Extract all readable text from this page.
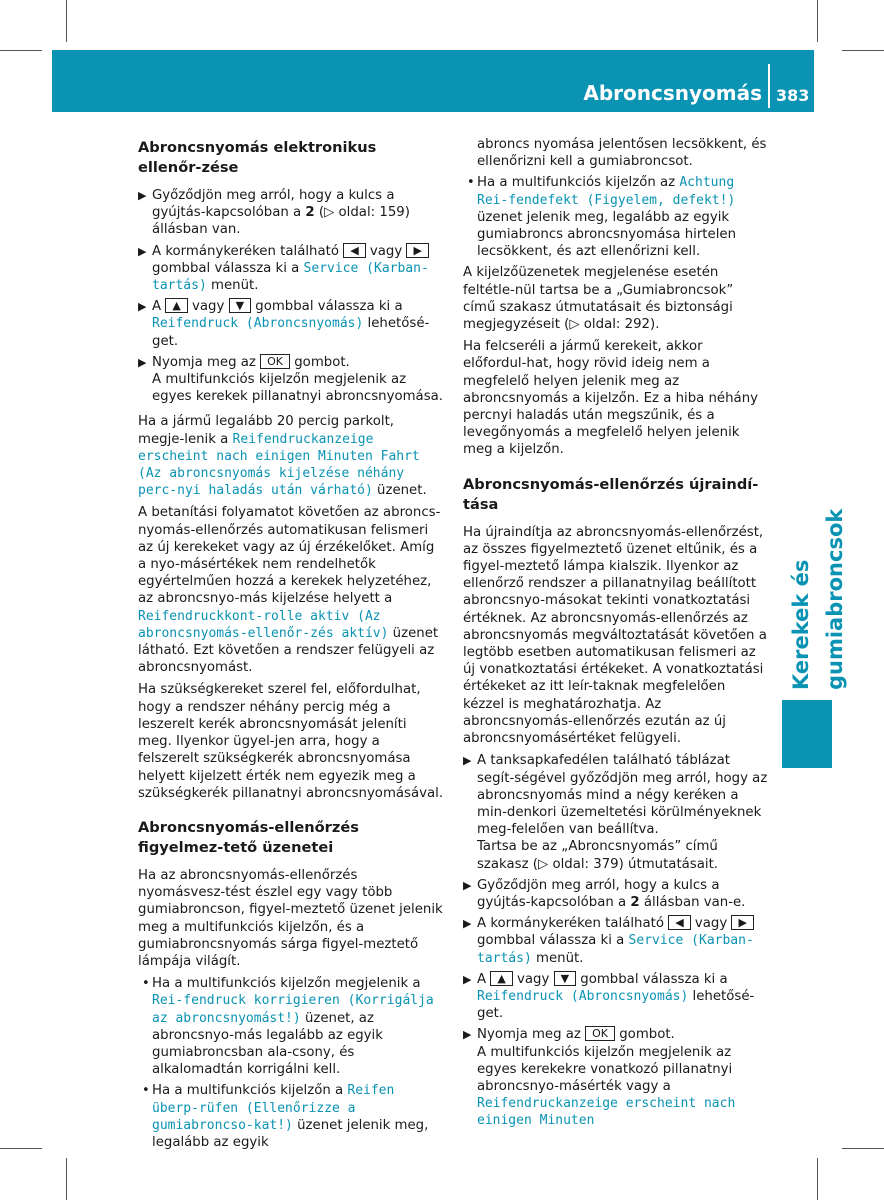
Abroncsnyomás 383
Kerekek és gumiabroncsok
Abroncsnyomás elektronikus ellenőr-zése
▶ Győződjön meg arról, hogy a kulcs a gyújtás-kapcsolóban a 2 (▷ oldal: 159) állásban van.
▶ A kormánykeréken található ◀ vagy ▶ gombbal válassza ki a Service (Karban-tartás) menüt.
▶ A ▲ vagy ▼ gombbal válassza ki a Reifendruck (Abroncsnyomás) lehetősé-get.
▶ Nyomja meg az OK gombot.
A multifunkciós kijelzőn megjelenik az egyes kerekek pillanatnyi abroncsnyomása.

Ha a jármű legalább 20 percig parkolt, megje-lenik a Reifendruckanzeige erscheint nach einigen Minuten Fahrt (Az abroncsnyomás kijelzése néhány perc-nyi haladás után várható) üzenet.

A betanítási folyamatot követően az abroncs-nyomás-ellenőrzés automatikusan felismeri az új kerekeket vagy az új érzékelőket. Amíg a nyo-másértékek nem rendelhetők egyértelműen hozzá a kerekek helyzetéhez, az abroncsnyo-más kijelzése helyett a Reifendruckkont-rolle aktiv (Az abroncsnyomás-ellenőr-zés aktív) üzenet látható. Ezt követően a rendszer felügyeli az abroncsnyomást.

Ha szükségkereket szerel fel, előfordulhat, hogy a rendszer néhány percig még a leszerelt kerék abroncsnyomását jeleníti meg. Ilyenkor ügyel-jen arra, hogy a felszerelt szükségkerék abroncsnyomása helyett kijelzett érték nem egyezik meg a szükségkerék pillanatnyi abroncsnyomásával.

Abroncsnyomás-ellenőrzés figyelmez-tető üzenetei

Ha az abroncsnyomás-ellenőrzés nyomásvesz-tést észlel egy vagy több gumiabroncson, figyel-meztető üzenet jelenik meg a multifunkciós kijelzőn, és a gumiabroncsnyomás sárga figyel-meztető lámpája világít.

• Ha a multifunkciós kijelzőn megjelenik a Rei-fendruck korrigieren (Korrigálja az abroncsnyomást!) üzenet, az abroncsnyo-más legalább az egyik gumiabroncsban ala-csony, és alkalomadtán korrigálni kell.
• Ha a multifunkciós kijelzőn a Reifen überp-rüfen (Ellenőrizze a gumiabroncso-kat!) üzenet jelenik meg, legalább az egyik
abroncs nyomása jelentősen lecsökkent, és ellenőrizni kell a gumiabroncsot.
• Ha a multifunkciós kijelzőn az Achtung Rei-fendefekt (Figyelem, defekt!) üzenet jelenik meg, legalább az egyik gumiabroncs abroncsnyomása hirtelen lecsökkent, és azt ellenőrizni kell.

A kijelzőüzenetek megjelenése esetén feltétle-nül tartsa be a „Gumiabroncsok” című szakasz útmutatásait és biztonsági megjegyzéseit (▷ oldal: 292).

Ha felcseréli a jármű kerekeit, akkor előfordul-hat, hogy rövid ideig nem a megfelelő helyen jelenik meg az abroncsnyomás a kijelzőn. Ez a hiba néhány percnyi haladás után megszűnik, és a levegőnyomás a megfelelő helyen jelenik meg a kijelzőn.

Abroncsnyomás-ellenőrzés újraindí-tása

Ha újraindítja az abroncsnyomás-ellenőrzést, az összes figyelmeztető üzenet eltűnik, és a figyel-meztető lámpa kialszik. Ilyenkor az ellenőrző rendszer a pillanatnyilag beállított abroncsnyo-másokat tekinti vonatkoztatási értéknek. Az abroncsnyomás-ellenőrzés az abroncsnyomás megváltoztatását követően a legtöbb esetben automatikusan felismeri az új vonatkoztatási értékeket. A vonatkoztatási értékeket az itt leír-taknak megfelelően kézzel is meghatározhatja. Az abroncsnyomás-ellenőrzés ezután az új abroncsnyomásértéket felügyeli.

▶ A tanksapkafedélen található táblázat segít-ségével győződjön meg arról, hogy az abroncsnyomás mind a négy keréken a min-denkori üzemeltetési körülményeknek meg-felelően van beállítva.
Tartsa be az „Abroncsnyomás” című szakasz (▷ oldal: 379) útmutatásait.
▶ Győződjön meg arról, hogy a kulcs a gyújtás-kapcsolóban a 2 állásban van-e.
▶ A kormánykeréken található ◀ vagy ▶ gombbal válassza ki a Service (Karban-tartás) menüt.
▶ A ▲ vagy ▼ gombbal válassza ki a Reifendruck (Abroncsnyomás) lehetősé-get.
▶ Nyomja meg az OK gombot.
A multifunkciós kijelzőn megjelenik az egyes kerekekre vonatkozó pillanatnyi abroncsnyo-másérték vagy a Reifendruckanzeige erscheint nach einigen Minuten
